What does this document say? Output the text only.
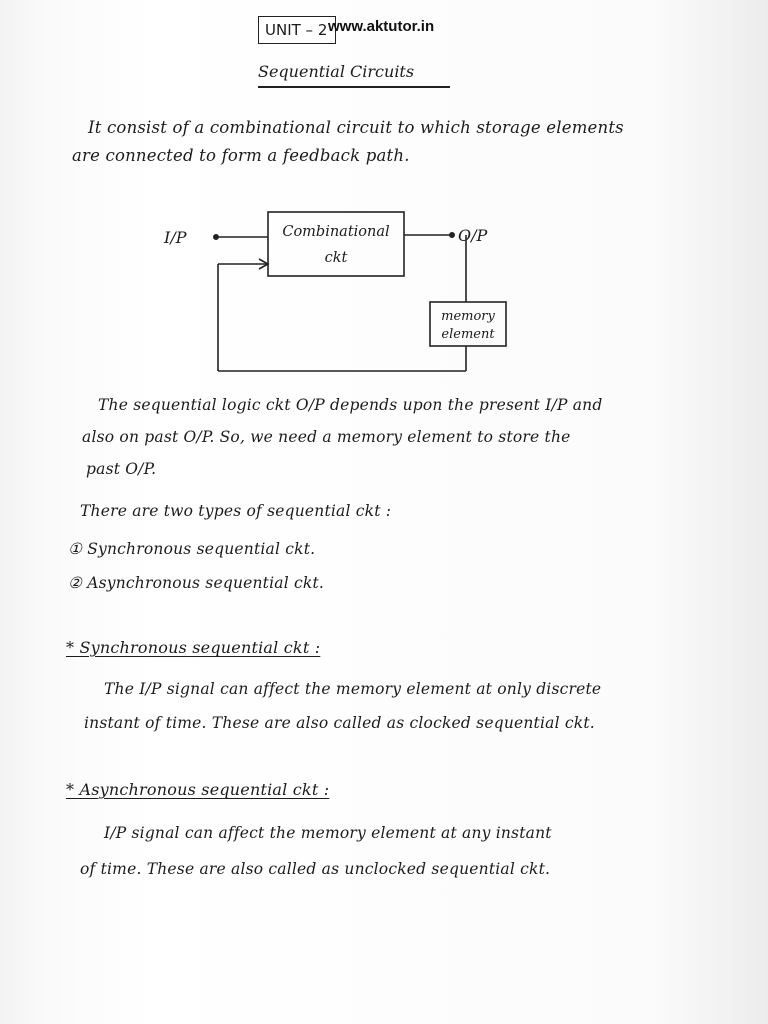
UNIT – 2 www.aktutor.in
Sequential Circuits
It consist of a combinational circuit to which storage elements
are connected to form a feedback path.
I/P	O/P
Combinational
ckt
memory
element
The sequential logic ckt O/P depends upon the present I/P and
also on past O/P. So, we need a memory element to store the
past O/P.
There are two types of sequential ckt :
① Synchronous sequential ckt.
② Asynchronous sequential ckt.
* Synchronous sequential ckt :
The I/P signal can affect the memory element at only discrete
instant of time. These are also called as clocked sequential ckt.
* Asynchronous sequential ckt :
I/P signal can affect the memory element at any instant
of time. These are also called as unclocked sequential ckt.
